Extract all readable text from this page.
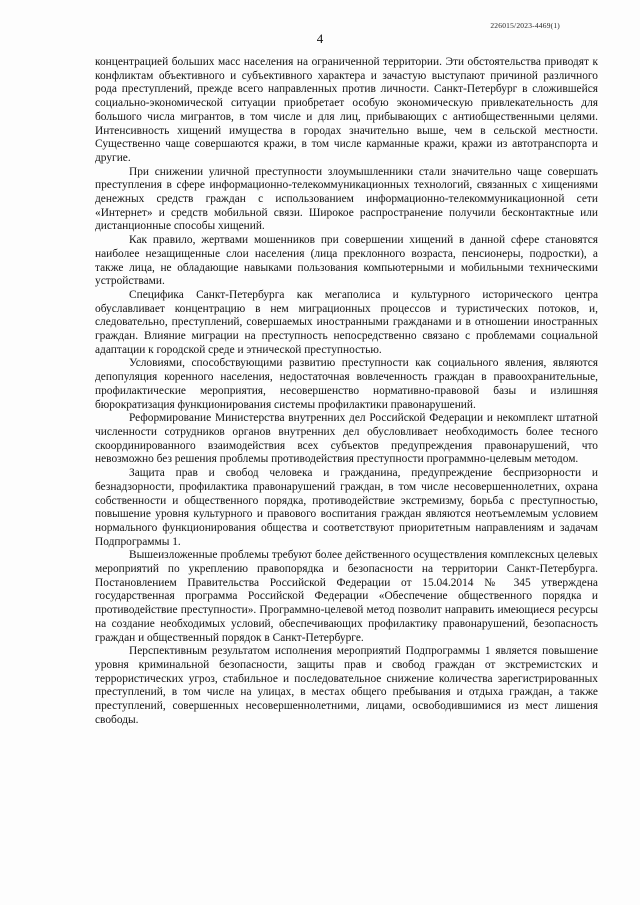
226015/2023-4469(1)
4

концентрацией больших масс населения на ограниченной территории. Эти обстоятельства приводят к конфликтам объективного и субъективного характера и зачастую выступают причиной различного рода преступлений, прежде всего направленных против личности. Санкт-Петербург в сложившейся социально-экономической ситуации приобретает особую экономическую привлекательность для большого числа мигрантов, в том числе и для лиц, прибывающих с антиобщественными целями. Интенсивность хищений имущества в городах значительно выше, чем в сельской местности. Существенно чаще совершаются кражи, в том числе карманные кражи, кражи из автотранспорта и другие.

При снижении уличной преступности злоумышленники стали значительно чаще совершать преступления в сфере информационно-телекоммуникационных технологий, связанных с хищениями денежных средств граждан с использованием информационно-телекоммуникационной сети «Интернет» и средств мобильной связи. Широкое распространение получили бесконтактные или дистанционные способы хищений.

Как правило, жертвами мошенников при совершении хищений в данной сфере становятся наиболее незащищенные слои населения (лица преклонного возраста, пенсионеры, подростки), а также лица, не обладающие навыками пользования компьютерными и мобильными техническими устройствами.

Специфика Санкт-Петербурга как мегаполиса и культурного исторического центра обуславливает концентрацию в нем миграционных процессов и туристических потоков, и, следовательно, преступлений, совершаемых иностранными гражданами и в отношении иностранных граждан. Влияние миграции на преступность непосредственно связано с проблемами социальной адаптации к городской среде и этнической преступностью.

Условиями, способствующими развитию преступности как социального явления, являются депопуляция коренного населения, недостаточная вовлеченность граждан в правоохранительные, профилактические мероприятия, несовершенство нормативно-правовой базы и излишняя бюрократизация функционирования системы профилактики правонарушений.

Реформирование Министерства внутренних дел Российской Федерации и некомплект штатной численности сотрудников органов внутренних дел обусловливает необходимость более тесного скоординированного взаимодействия всех субъектов предупреждения правонарушений, что невозможно без решения проблемы противодействия преступности программно-целевым методом.

Защита прав и свобод человека и гражданина, предупреждение беспризорности и безнадзорности, профилактика правонарушений граждан, в том числе несовершеннолетних, охрана собственности и общественного порядка, противодействие экстремизму, борьба с преступностью, повышение уровня культурного и правового воспитания граждан являются неотъемлемым условием нормального функционирования общества и соответствуют приоритетным направлениям и задачам Подпрограммы 1.

Вышеизложенные проблемы требуют более действенного осуществления комплексных целевых мероприятий по укреплению правопорядка и безопасности на территории Санкт-Петербурга. Постановлением Правительства Российской Федерации от 15.04.2014 № 345 утверждена государственная программа Российской Федерации «Обеспечение общественного порядка и противодействие преступности». Программно-целевой метод позволит направить имеющиеся ресурсы на создание необходимых условий, обеспечивающих профилактику правонарушений, безопасность граждан и общественный порядок в Санкт-Петербурге.

Перспективным результатом исполнения мероприятий Подпрограммы 1 является повышение уровня криминальной безопасности, защиты прав и свобод граждан от экстремистских и террористических угроз, стабильное и последовательное снижение количества зарегистрированных преступлений, в том числе на улицах, в местах общего пребывания и отдыха граждан, а также преступлений, совершенных несовершеннолетними, лицами, освободившимися из мест лишения свободы.
